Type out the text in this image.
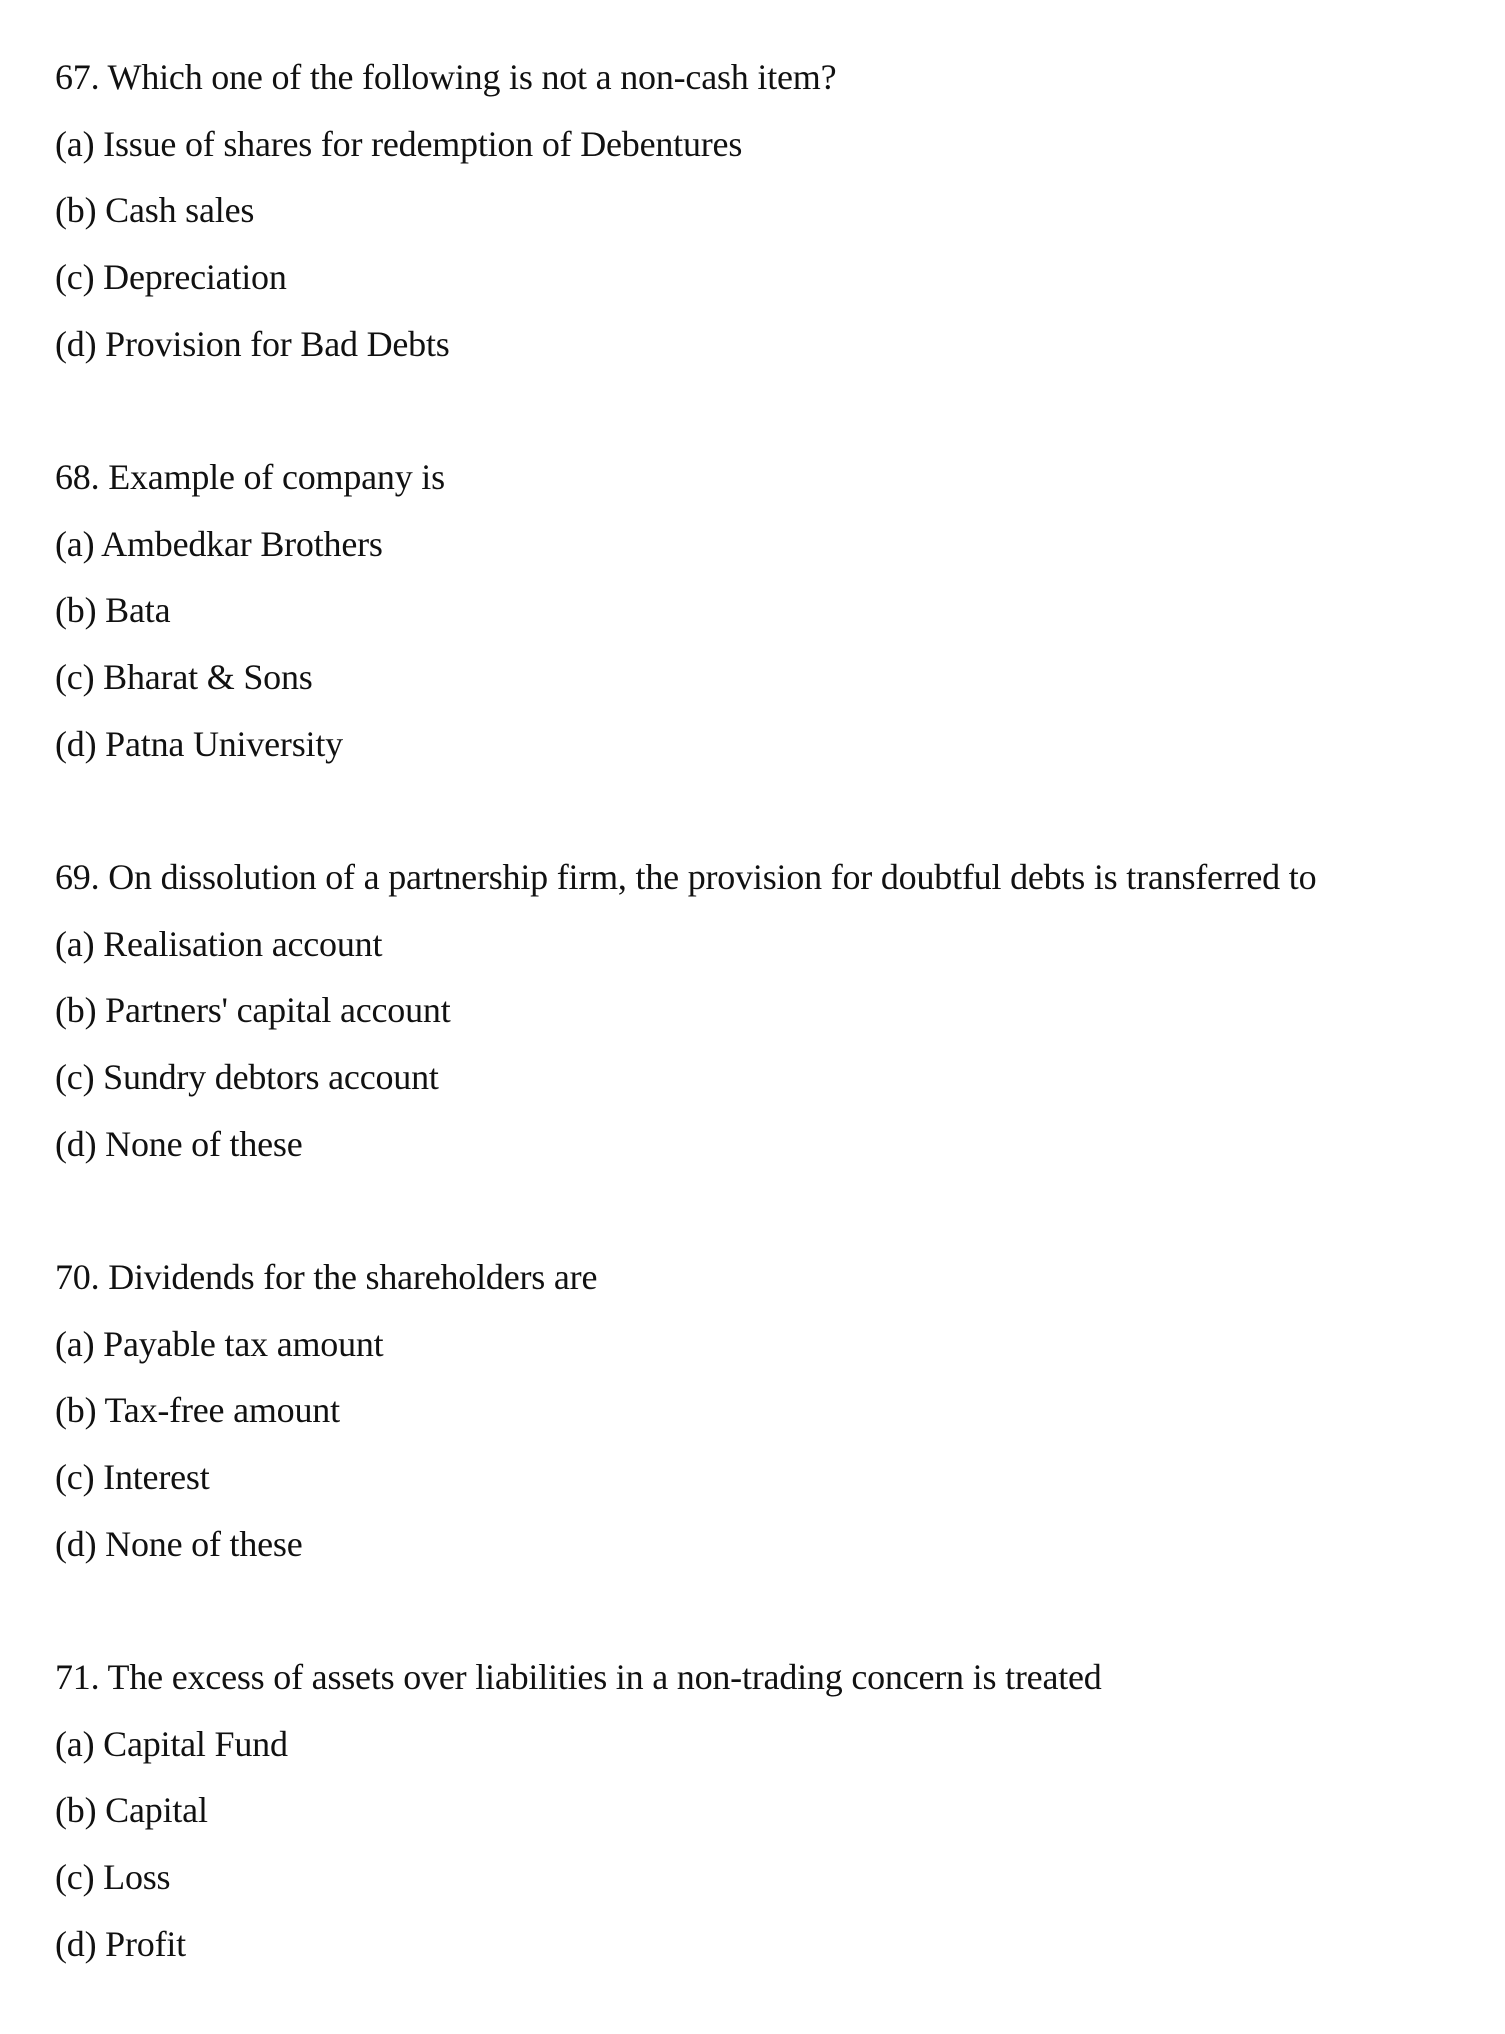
67. Which one of the following is not a non-cash item?
(a) Issue of shares for redemption of Debentures
(b) Cash sales
(c) Depreciation
(d) Provision for Bad Debts
68. Example of company is
(a) Ambedkar Brothers
(b) Bata
(c) Bharat & Sons
(d) Patna University
69. On dissolution of a partnership firm, the provision for doubtful debts is transferred to
(a) Realisation account
(b) Partners' capital account
(c) Sundry debtors account
(d) None of these
70. Dividends for the shareholders are
(a) Payable tax amount
(b) Tax-free amount
(c) Interest
(d) None of these
71. The excess of assets over liabilities in a non-trading concern is treated
(a) Capital Fund
(b) Capital
(c) Loss
(d) Profit
